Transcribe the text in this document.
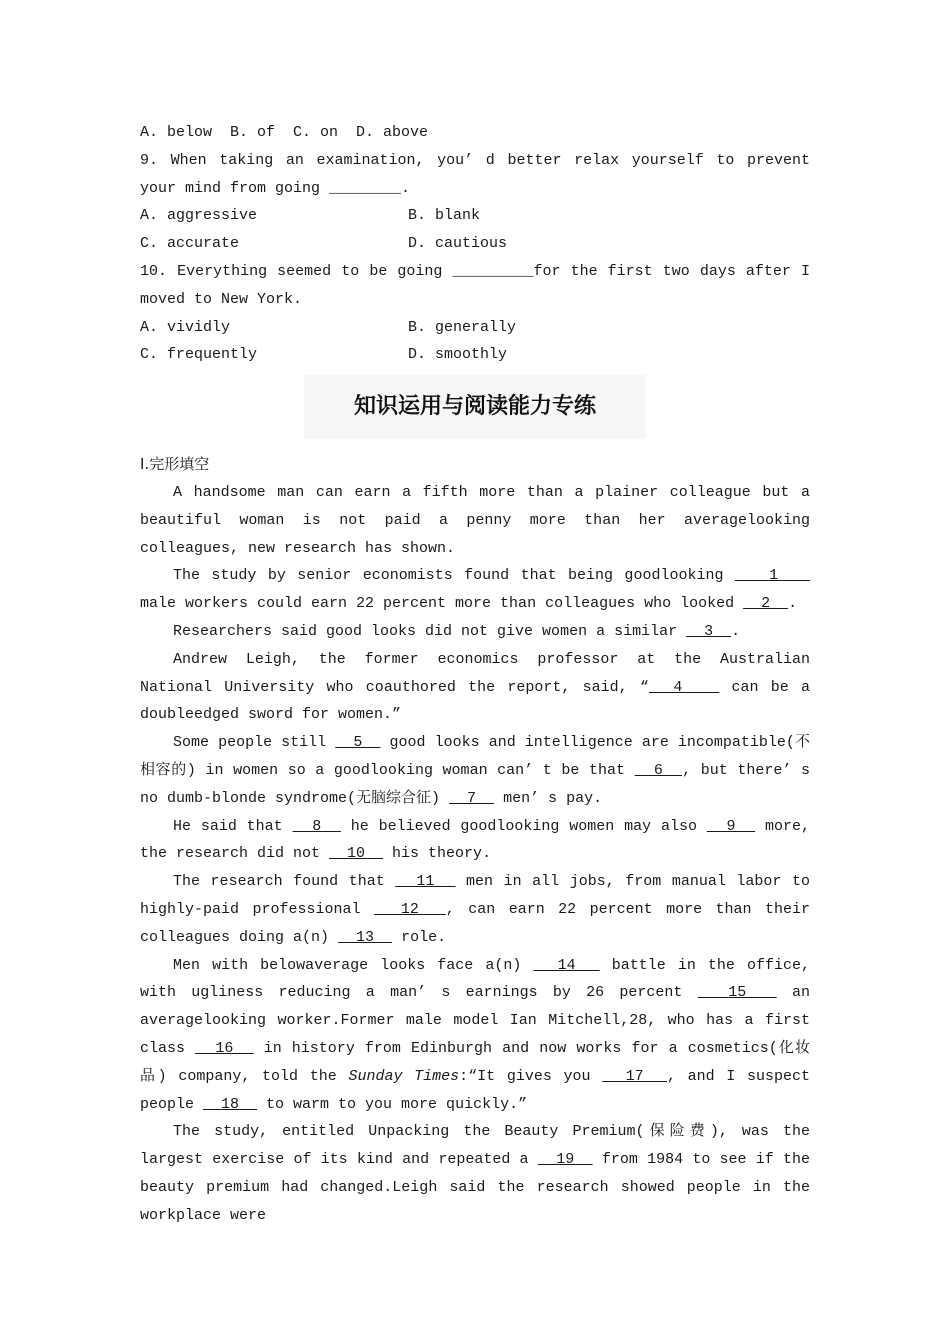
A. below  B. of  C. on  D. above
9. When taking an examination, you’ d better relax yourself to prevent your mind from going ________.
A. aggressive	B. blank
C. accurate	D. cautious
10. Everything seemed to be going _________for the first two days after I moved to New York.
A. vividly	B. generally
C. frequently	D. smoothly
知识运用与阅读能力专练
Ⅰ.完形填空
A handsome man can earn a fifth more than a plainer colleague but a beautiful woman is not paid a penny more than her averagelooking colleagues, new research has shown.
The study by senior economists found that being goodlooking    1    male workers could earn 22 percent more than colleagues who looked   2  .
Researchers said good looks did not give women a similar   3  .
Andrew Leigh, the former economics professor at the Australian National University who coauthored the report, said, “  4    can be a doubleedged sword for women.”
Some people still   5   good looks and intelligence are incompatible(不相容的) in women so a goodlooking woman can’ t be that   6  , but there’ s no dumb-blonde syndrome(无脑综合征)   7   men’ s pay.
He said that   8   he believed goodlooking women may also   9   more, the research did not   10   his theory.
The research found that   11   men in all jobs, from manual labor to highly-paid professional   12  , can earn 22 percent more than their colleagues doing a(n)   13   role.
Men with belowaverage looks face a(n)   14   battle in the office, with ugliness reducing a man’ s earnings by 26 percent   15   an averagelooking worker.Former male model Ian Mitchell,28, who has a first class   16   in history from Edinburgh and now works for a cosmetics(化妆品) company, told the Sunday Times:“It gives you   17  , and I suspect people   18   to warm to you more quickly.”
The study, entitled Unpacking the Beauty Premium(保险费), was the largest exercise of its kind and repeated a   19   from 1984 to see if the beauty premium had changed.Leigh said the research showed people in the workplace were
